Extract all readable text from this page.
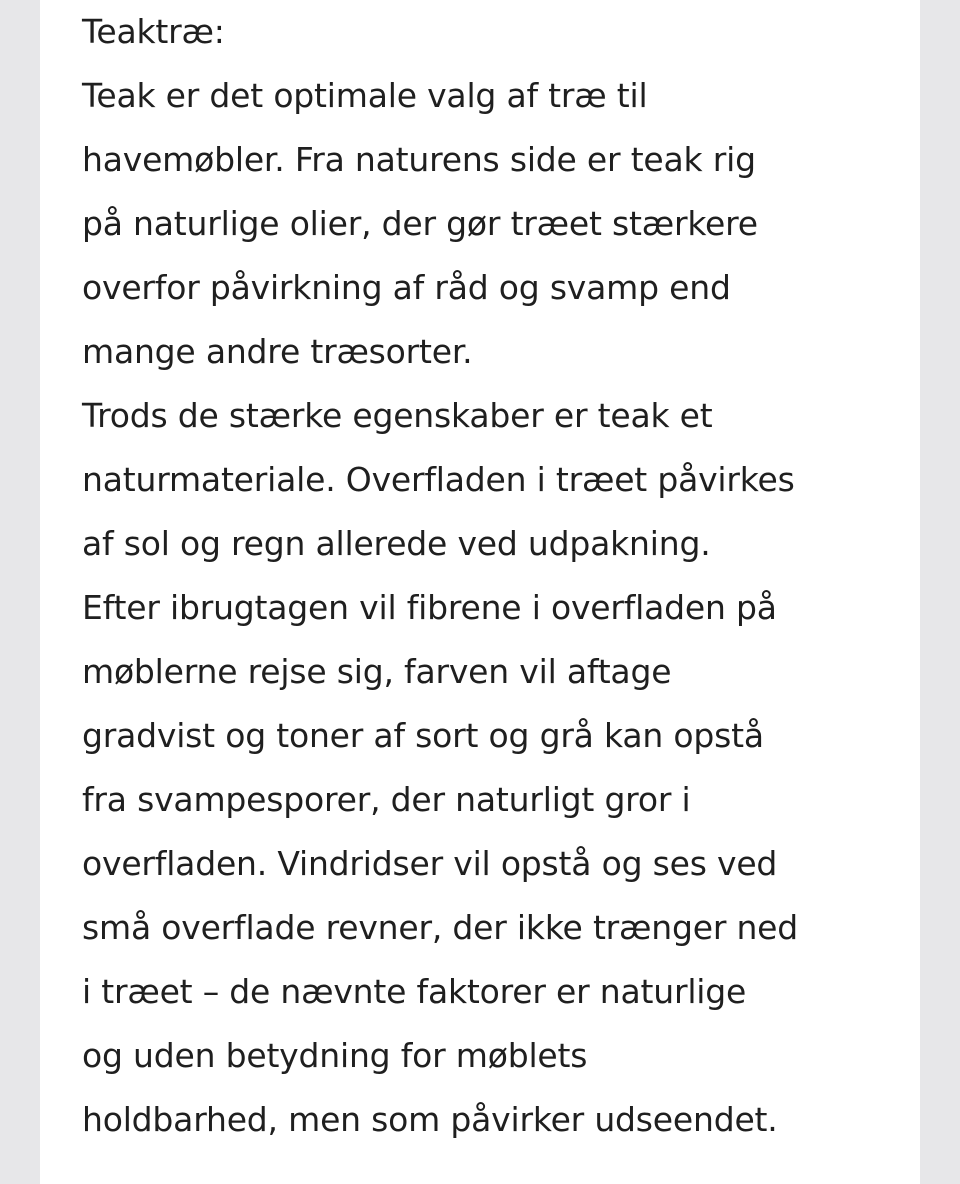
Teaktræ:
Teak er det optimale valg af træ til
havemøbler. Fra naturens side er teak rig
på naturlige olier, der gør træet stærkere
overfor påvirkning af råd og svamp end
mange andre træsorter.
Trods de stærke egenskaber er teak et
naturmateriale. Overfladen i træet påvirkes
af sol og regn allerede ved udpakning.
Efter ibrugtagen vil fibrene i overfladen på
møblerne rejse sig, farven vil aftage
gradvist og toner af sort og grå kan opstå
fra svampesporer, der naturligt gror i
overfladen. Vindridser vil opstå og ses ved
små overflade revner, der ikke trænger ned
i træet – de nævnte faktorer er naturlige
og uden betydning for møblets
holdbarhed, men som påvirker udseendet.
